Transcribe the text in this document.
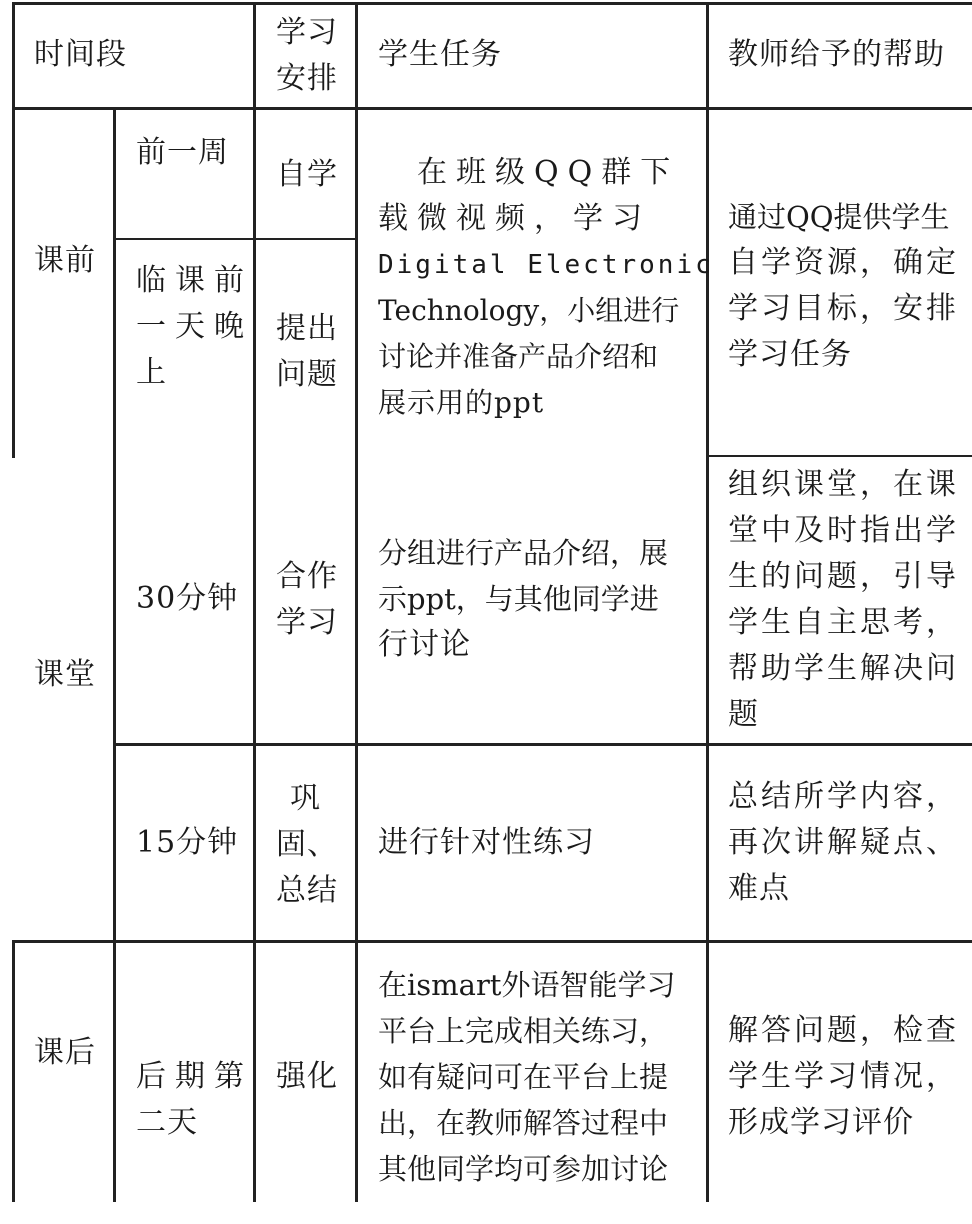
时间段
学习
安排
学生任务	教师给予的帮助
课前
前一周
自学
临课前
一天晚
上
提出
问题
　在班级QQ群下
载微视频，学习
Digital Electronic
Technology，小组进行
讨论并准备产品介绍和
展示用的ppt
通过QQ提供学生
自学资源，确定
学习目标，安排
学习任务
课堂
30分钟
合作
学习
分组进行产品介绍，展
示ppt，与其他同学进
行讨论
组织课堂，在课
堂中及时指出学
生的问题，引导
学生自主思考，
帮助学生解决问
题
15分钟
巩
固、
总结
进行针对性练习
总结所学内容，
再次讲解疑点、
难点
课后
后期第
二天
强化
在ismart外语智能学习
平台上完成相关练习，
如有疑问可在平台上提
出，在教师解答过程中
其他同学均可参加讨论
解答问题，检查
学生学习情况，
形成学习评价
